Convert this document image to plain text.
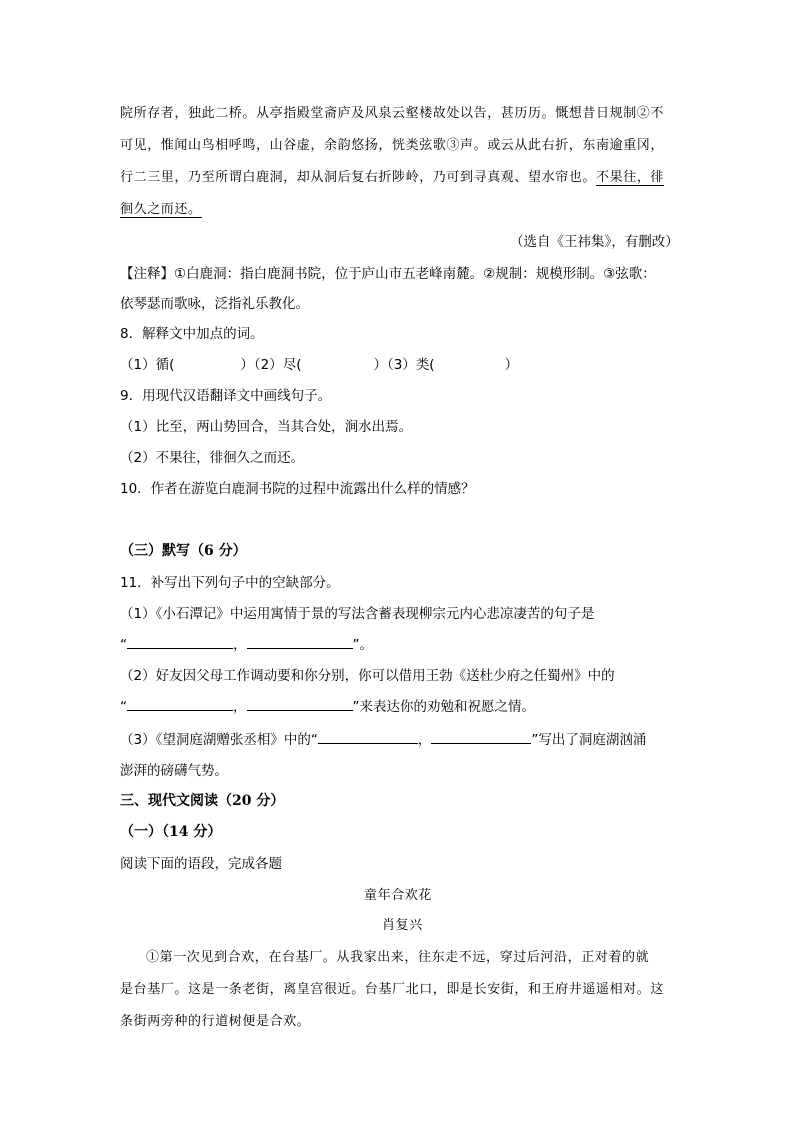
院所存者，独此二桥。从亭指殿堂斋庐及风泉云壑楼故处以告，甚历历。慨想昔日规制②不
可见，惟闻山鸟相呼鸣，山谷虚，余韵悠扬，恍类弦歌③声。或云从此右折，东南逾重冈，
行二三里，乃至所谓白鹿洞，却从洞后复右折陟岭，乃可到寻真观、望水帘也。不果往，徘
徊久之而还。
（选自《王祎集》，有删改）
【注释】①白鹿洞：指白鹿洞书院，位于庐山市五老峰南麓。②规制：规模形制。③弦歌：
依琴瑟而歌咏，泛指礼乐教化。
8．解释文中加点的词。
（1）循(	）（2）尽(	）（3）类(	）
9．用现代汉语翻译文中画线句子。
（1）比至，两山势回合，当其合处，涧水出焉。
（2）不果往，徘徊久之而还。
10．作者在游览白鹿洞书院的过程中流露出什么样的情感？
（三）默写（6 分）
11．补写出下列句子中的空缺部分。
（1）《小石潭记》中运用寓情于景的写法含蓄表现柳宗元内心悲凉凄苦的句子是
“	，	”。
（2）好友因父母工作调动要和你分别，你可以借用王勃《送杜少府之任蜀州》中的
“	，	”来表达你的劝勉和祝愿之情。
（3）《望洞庭湖赠张丞相》中的“	，	”写出了洞庭湖汹涌
澎湃的磅礴气势。
三、现代文阅读（20 分）
（一）（14 分）
阅读下面的语段，完成各题
童年合欢花
肖复兴
①第一次见到合欢，在台基厂。从我家出来，往东走不远，穿过后河沿，正对着的就
是台基厂。这是一条老街，离皇宫很近。台基厂北口，即是长安街，和王府井遥遥相对。这
条街两旁种的行道树便是合欢。
